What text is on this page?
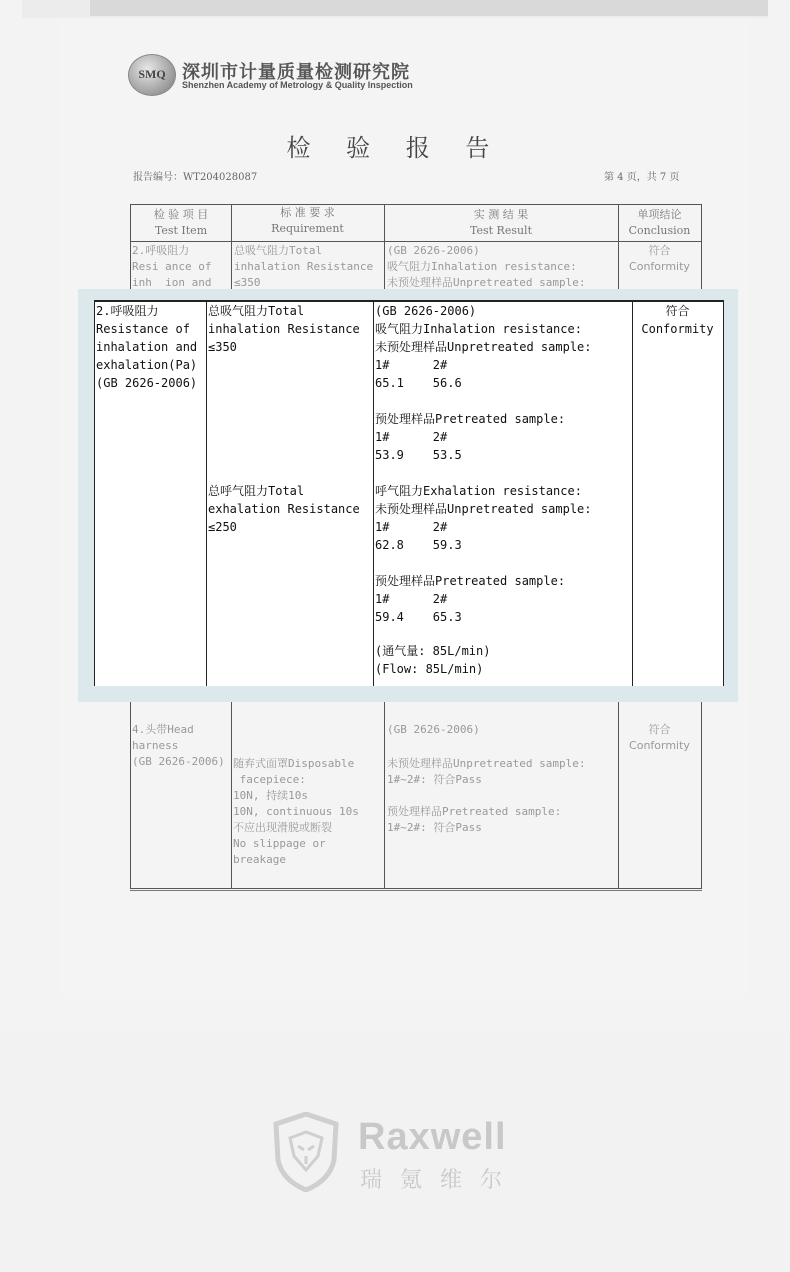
SMQ 深圳市计量质量检测研究院
Shenzhen Academy of Metrology & Quality Inspection
检 验 报 告
报告编号：WT204028087	第 4 页，共 7 页
检 验 项 目
Test Item
标 准 要 求
Requirement
实 测 结 果
Test Result
单项结论
Conclusion
2.呼吸阻力
Resi ance of
inh  ion and
总吸气阻力Total
inhalation Resistance
≤350
(GB 2626-2006)
吸气阻力Inhalation resistance:
未预处理样品Unpretreated sample:
符合
Conformity
2.呼吸阻力
Resistance of
inhalation and
exhalation(Pa)
(GB 2626-2006)
总吸气阻力Total
inhalation Resistance
≤350
总呼气阻力Total
exhalation Resistance
≤250
(GB 2626-2006)
吸气阻力Inhalation resistance:
未预处理样品Unpretreated sample:
1#      2#
65.1    56.6
预处理样品Pretreated sample:
1#      2#
53.9    53.5
呼气阻力Exhalation resistance:
未预处理样品Unpretreated sample:
1#      2#
62.8    59.3
预处理样品Pretreated sample:
1#      2#
59.4    65.3
(通气量: 85L/min)
(Flow: 85L/min)
符合
Conformity
4.头带Head
harness
(GB 2626-2006) 随弃式面罩Disposable
facepiece:
10N, 持续10s
10N, continuous 10s
不应出现滑脱或断裂
No slippage or
breakage
(GB 2626-2006)
未预处理样品Unpretreated sample:
1#~2#: 符合Pass
预处理样品Pretreated sample:
1#~2#: 符合Pass
符合
Conformity
Raxwell
瑞氪维尔
